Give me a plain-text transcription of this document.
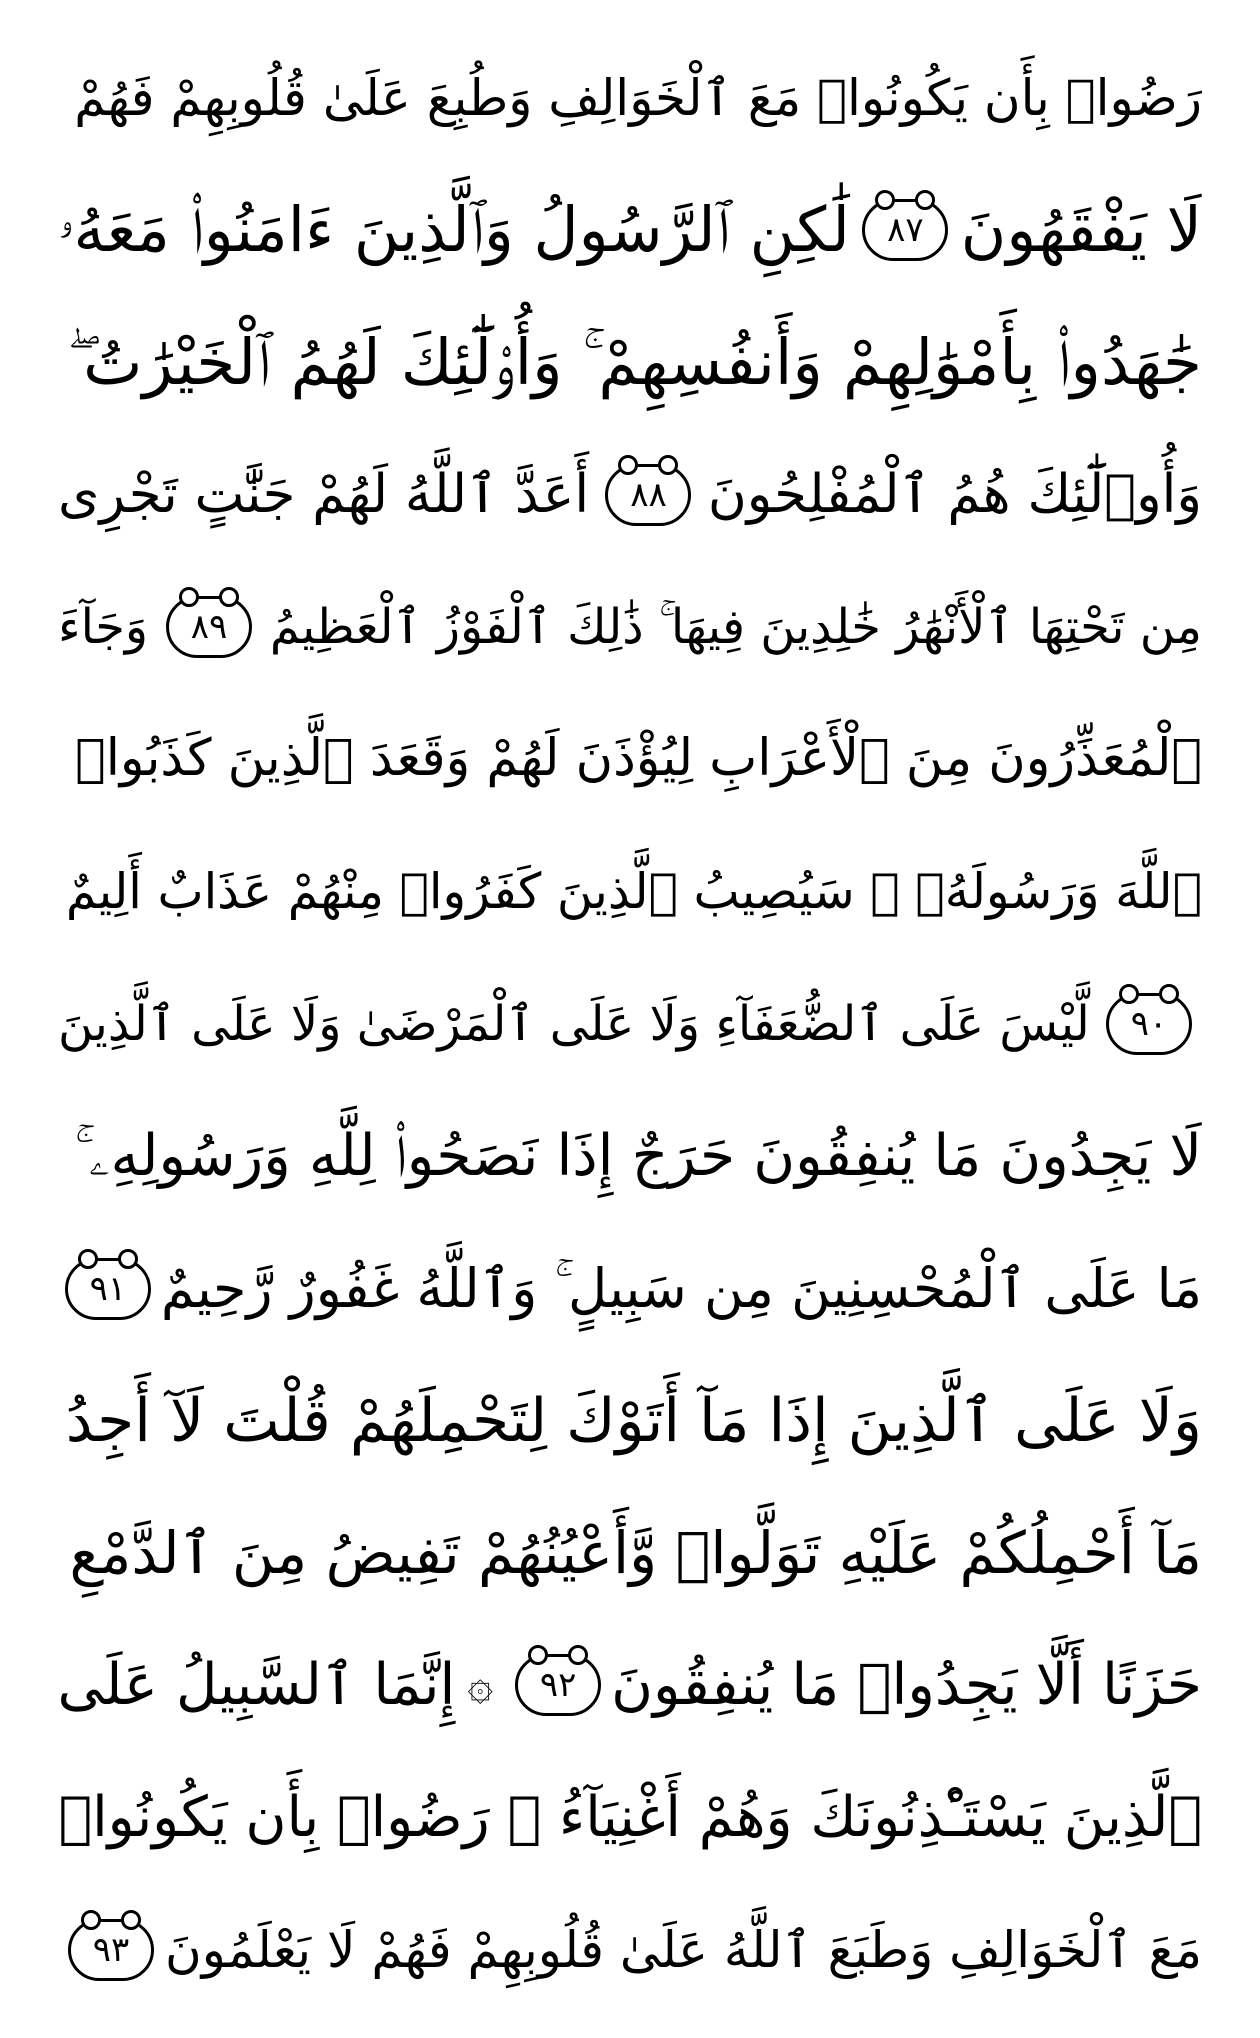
رَضُوا۟ بِأَن يَكُونُوا۟ مَعَ ٱلْخَوَالِفِ وَطُبِعَ عَلَىٰ قُلُوبِهِمْ فَهُمْ
لَا يَفْقَهُونَ
٨٧
لَٰكِنِ ٱلرَّسُولُ وَٱلَّذِينَ ءَامَنُوا۟ مَعَهُۥ
جَٰهَدُوا۟ بِأَمْوَٰلِهِمْ وَأَنفُسِهِمْ ۚ وَأُو۟لَٰٓئِكَ لَهُمُ ٱلْخَيْرَٰتُ ۖ
وَأُو۟لَٰٓئِكَ هُمُ ٱلْمُفْلِحُونَ
٨٨
أَعَدَّ ٱللَّهُ لَهُمْ جَنَّٰتٍ تَجْرِى
مِن تَحْتِهَا ٱلْأَنْهَٰرُ خَٰلِدِينَ فِيهَا ۚ ذَٰلِكَ ٱلْفَوْزُ ٱلْعَظِيمُ
٨٩
وَجَآءَ
ٱلْمُعَذِّرُونَ مِنَ ٱلْأَعْرَابِ لِيُؤْذَنَ لَهُمْ وَقَعَدَ ٱلَّذِينَ كَذَبُوا۟
ٱللَّهَ وَرَسُولَهُۥ ۚ سَيُصِيبُ ٱلَّذِينَ كَفَرُوا۟ مِنْهُمْ عَذَابٌ أَلِيمٌ
٩٠
لَّيْسَ عَلَى ٱلضُّعَفَآءِ وَلَا عَلَى ٱلْمَرْضَىٰ وَلَا عَلَى ٱلَّذِينَ
لَا يَجِدُونَ مَا يُنفِقُونَ حَرَجٌ إِذَا نَصَحُوا۟ لِلَّهِ وَرَسُولِهِۦ ۚ
مَا عَلَى ٱلْمُحْسِنِينَ مِن سَبِيلٍ ۚ وَٱللَّهُ غَفُورٌ رَّحِيمٌ
٩١
وَلَا عَلَى ٱلَّذِينَ إِذَا مَآ أَتَوْكَ لِتَحْمِلَهُمْ قُلْتَ لَآ أَجِدُ
مَآ أَحْمِلُكُمْ عَلَيْهِ تَوَلَّوا۟ وَّأَعْيُنُهُمْ تَفِيضُ مِنَ ٱلدَّمْعِ
حَزَنًا أَلَّا يَجِدُوا۟ مَا يُنفِقُونَ
٩٢
۞
إِنَّمَا ٱلسَّبِيلُ عَلَى
ٱلَّذِينَ يَسْتَـْٔذِنُونَكَ وَهُمْ أَغْنِيَآءُ ۚ رَضُوا۟ بِأَن يَكُونُوا۟
مَعَ ٱلْخَوَالِفِ وَطَبَعَ ٱللَّهُ عَلَىٰ قُلُوبِهِمْ فَهُمْ لَا يَعْلَمُونَ
٩٣
